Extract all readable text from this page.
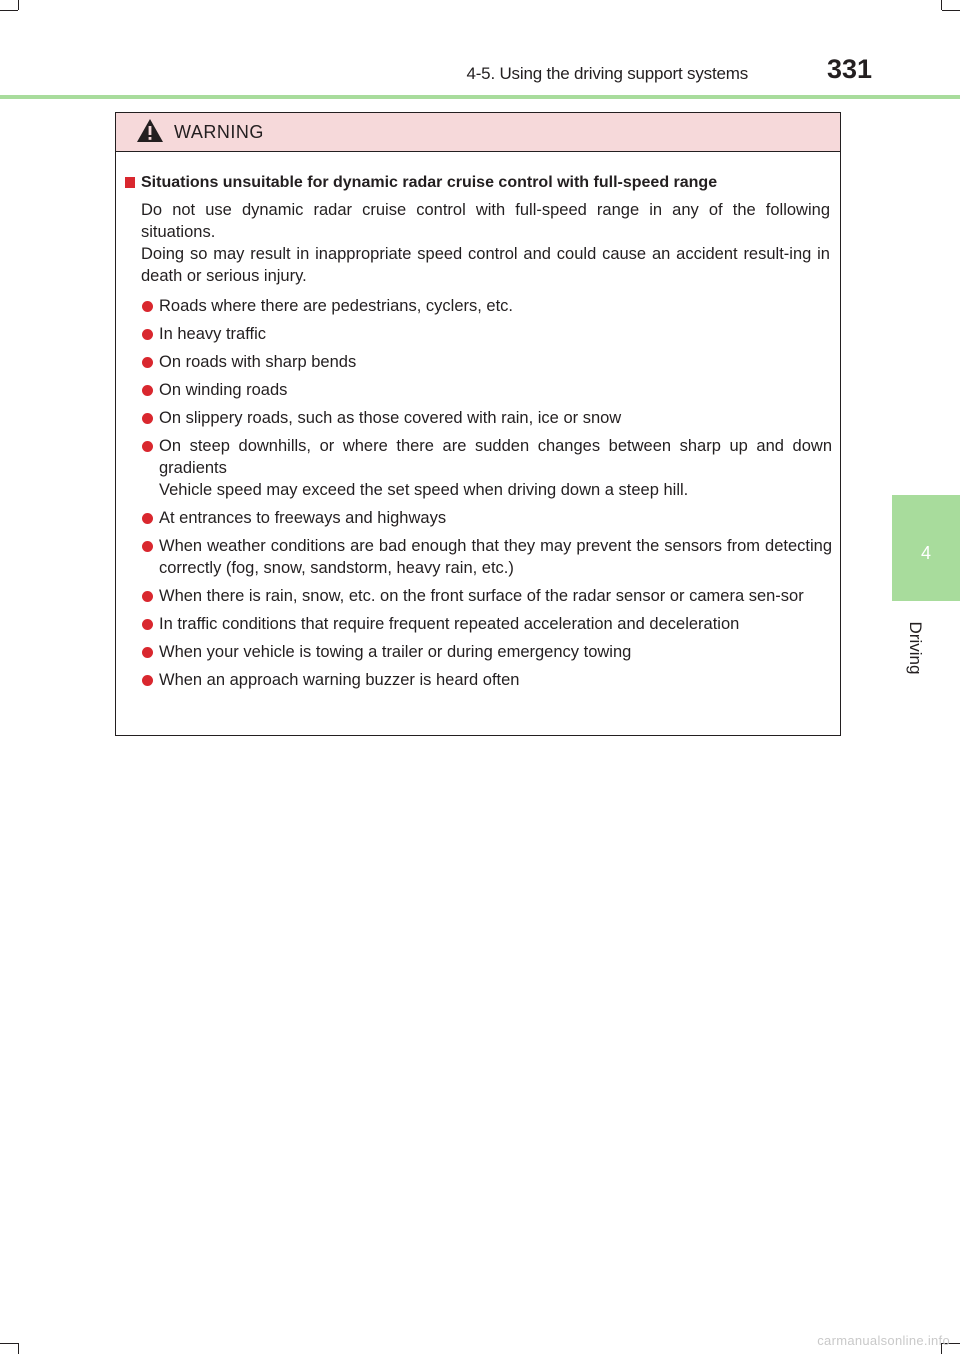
4-5. Using the driving support systems	331
4
Driving
WARNING
Situations unsuitable for dynamic radar cruise control with full-speed range
Do not use dynamic radar cruise control with full-speed range in any of the following situations.
Doing so may result in inappropriate speed control and could cause an accident result-ing in death or serious injury.
Roads where there are pedestrians, cyclers, etc.
In heavy traffic
On roads with sharp bends
On winding roads
On slippery roads, such as those covered with rain, ice or snow
On steep downhills, or where there are sudden changes between sharp up and down gradients
Vehicle speed may exceed the set speed when driving down a steep hill.
At entrances to freeways and highways
When weather conditions are bad enough that they may prevent the sensors from detecting correctly (fog, snow, sandstorm, heavy rain, etc.)
When there is rain, snow, etc. on the front surface of the radar sensor or camera sen-sor
In traffic conditions that require frequent repeated acceleration and deceleration
When your vehicle is towing a trailer or during emergency towing
When an approach warning buzzer is heard often
carmanualsonline.info
